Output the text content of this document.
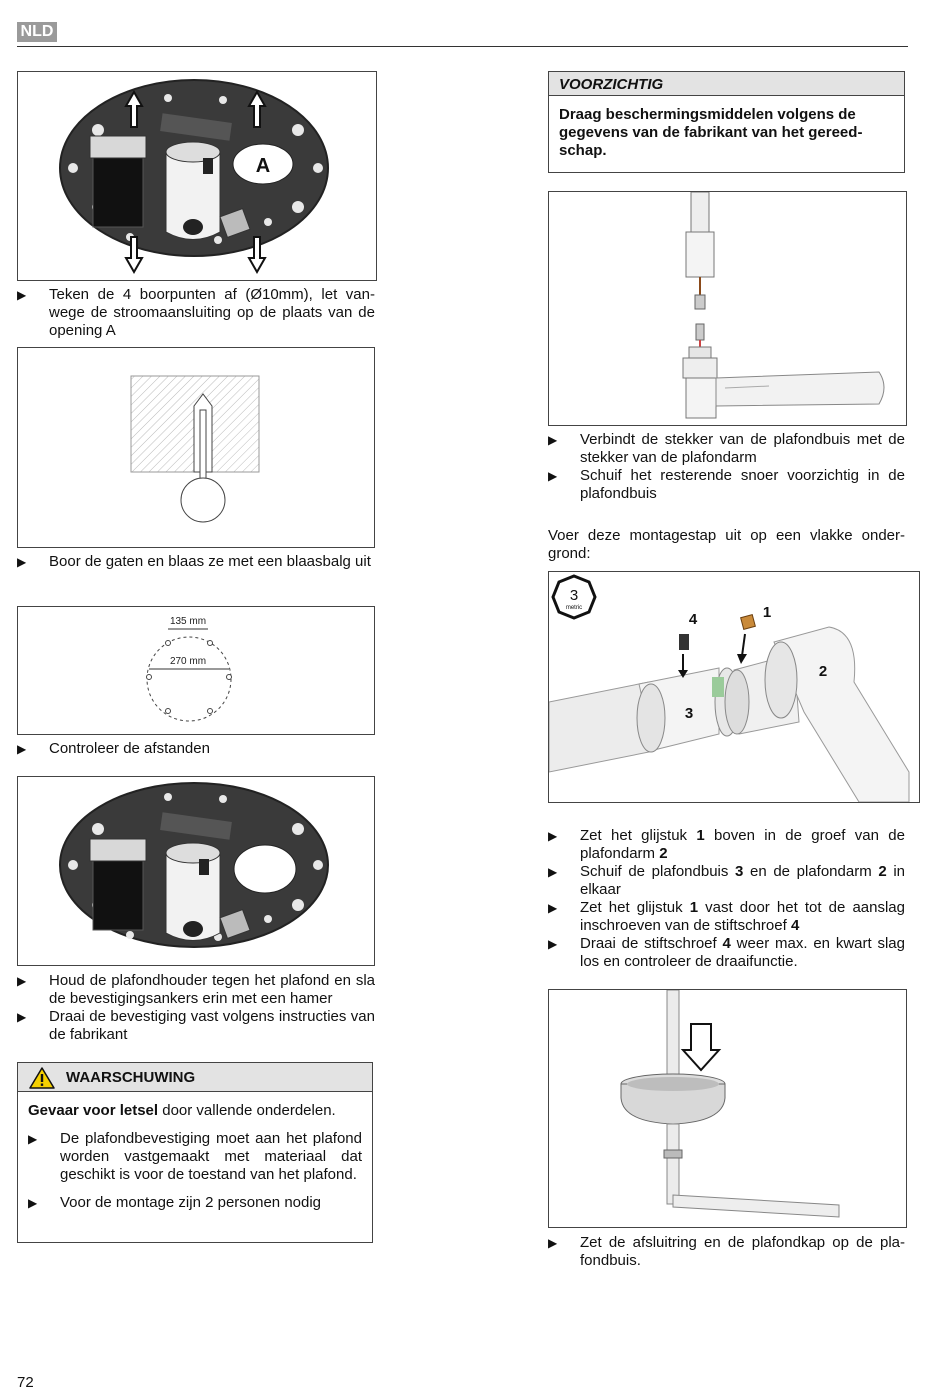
NLD
A
▶	Teken de 4 boorpunten af (Ø10mm), let vanwege de stroomaansluiting op de plaats van de opening A
▶	Boor de gaten en blaas ze met een blaasbalg uit
135 mm
270 mm
▶	Controleer de afstanden
▶	Houd de plafondhouder tegen het plafond en sla de bevestigingsankers erin met een hamer
▶	Draai de bevestiging vast volgens instructies van de fabrikant
WAARSCHUWING
Gevaar voor letsel door vallende onderdelen.
▶	De plafondbevestiging moet aan het plafond worden vastgemaakt met materiaal dat geschikt is voor de toestand van het plafond.
▶	Voor de montage zijn 2 personen nodig
VOORZICHTIG
Draag beschermingsmiddelen volgens de gegevens van de fabrikant van het gereedschap.
▶	Verbindt de stekker van de plafondbuis met de stekker van de plafondarm
▶	Schuif het resterende snoer voorzichtig in de plafondbuis
Voer deze montagestap uit op een vlakke ondergrond:
3
metric
4	1
2
3
▶	Zet het glijstuk 1 boven in de groef van de plafondarm 2
▶	Schuif de plafondbuis 3 en de plafondarm 2 in elkaar
▶	Zet het glijstuk 1 vast door het tot de aanslag inschroeven van de stiftschroef 4
▶	Draai de stiftschroef 4 weer max. en kwart slag los en controleer de draaifunctie.
▶	Zet de afsluitring en de plafondkap op de plafondbuis.
72
